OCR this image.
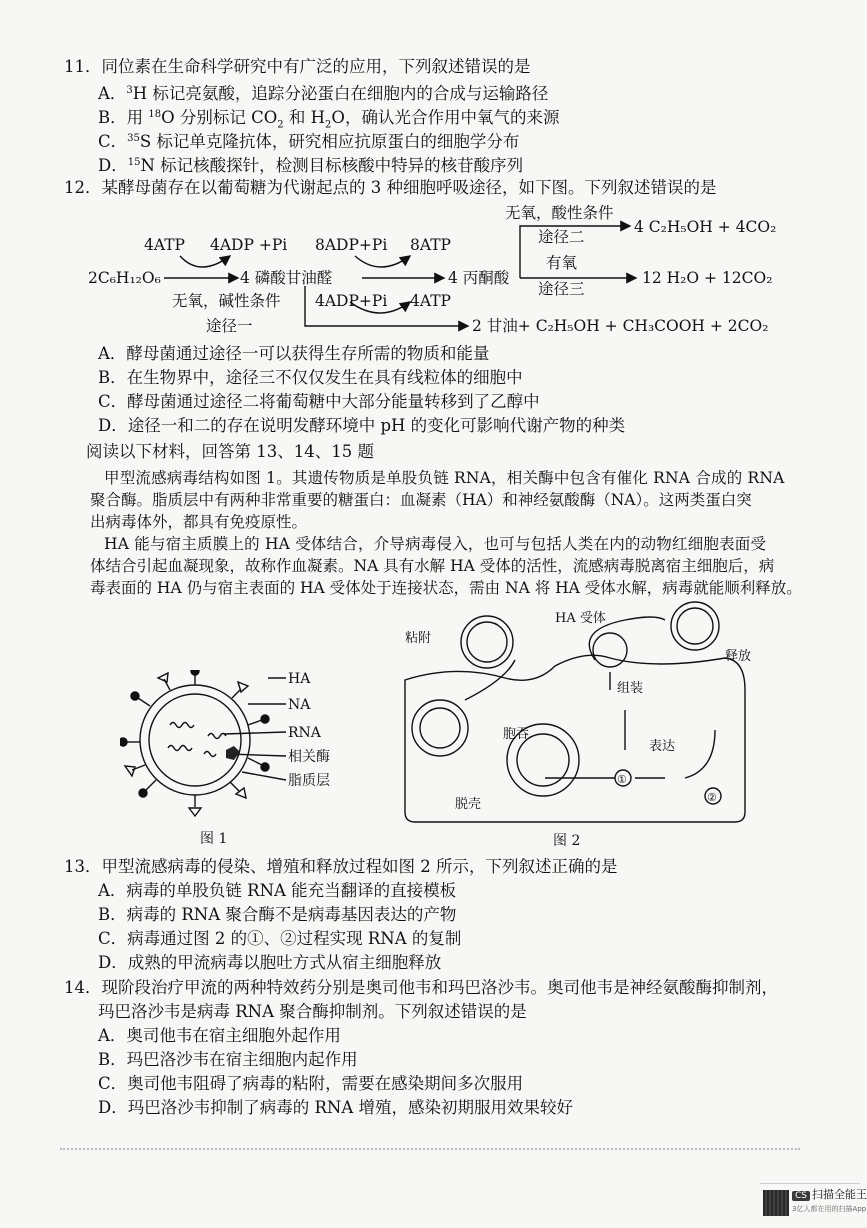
11．同位素在生命科学研究中有广泛的应用，下列叙述错误的是
A．$^3$H 标记亮氨酸，追踪分泌蛋白在细胞内的合成与运输路径
B．用 $^{18}$O 分别标记 $CO_2$ 和 $H_2O$，确认光合作用中氧气的来源
C．$^{35}$S 标记单克隆抗体，研究相应抗原蛋白的细胞学分布
D．$^{15}$N 标记核酸探针，检测目标核酸中特异的核苷酸序列
12．某酵母菌存在以葡萄糖为代谢起点的 3 种细胞呼吸途径，如下图。下列叙述错误的是
4ATP 4ADP +Pi 8ADP+Pi 8ATP
2C₆H₁₂O₆	4 磷酸甘油醛	4 丙酮酸
无氧，碱性条件
途径一
4ADP+Pi 4ATP
无氧，酸性条件
途径二
4 C₂H₅OH + 4CO₂
有氧
途径三
12 H₂O + 12CO₂
2 甘油+ C₂H₅OH + CH₃COOH + 2CO₂
A．酵母菌通过途径一可以获得生存所需的物质和能量
B．在生物界中，途径三不仅仅发生在具有线粒体的细胞中
C．酵母菌通过途径二将葡萄糖中大部分能量转移到了乙醇中
D．途径一和二的存在说明发酵环境中 pH 的变化可影响代谢产物的种类
阅读以下材料，回答第 13、14、15 题
甲型流感病毒结构如图 1。其遗传物质是单股负链 RNA，相关酶中包含有催化 RNA 合成的 RNA
聚合酶。脂质层中有两种非常重要的糖蛋白：血凝素（HA）和神经氨酸酶（NA）。这两类蛋白突
出病毒体外，都具有免疫原性。
HA 能与宿主质膜上的 HA 受体结合，介导病毒侵入，也可与包括人类在内的动物红细胞表面受
体结合引起血凝现象，故称作血凝素。NA 具有水解 HA 受体的活性，流感病毒脱离宿主细胞后，病
毒表面的 HA 仍与宿主表面的 HA 受体处于连接状态，需由 NA 将 HA 受体水解，病毒就能顺利释放。
HA
NA
RNA
相关酶
脂质层
图 1
粘附
HA 受体
释放
组装
胞吞
表达
脱壳
①
②
图 2
13．甲型流感病毒的侵染、增殖和释放过程如图 2 所示，下列叙述正确的是
A．病毒的单股负链 RNA 能充当翻译的直接模板
B．病毒的 RNA 聚合酶不是病毒基因表达的产物
C．病毒通过图 2 的①、②过程实现 RNA 的复制
D．成熟的甲流病毒以胞吐方式从宿主细胞释放
14．现阶段治疗甲流的两种特效药分别是奥司他韦和玛巴洛沙韦。奥司他韦是神经氨酸酶抑制剂，
玛巴洛沙韦是病毒 RNA 聚合酶抑制剂。下列叙述错误的是
A．奥司他韦在宿主细胞外起作用
B．玛巴洛沙韦在宿主细胞内起作用
C．奥司他韦阻碍了病毒的粘附，需要在感染期间多次服用
D．玛巴洛沙韦抑制了病毒的 RNA 增殖，感染初期服用效果较好
CS 扫描全能王
3亿人都在用的扫描App
